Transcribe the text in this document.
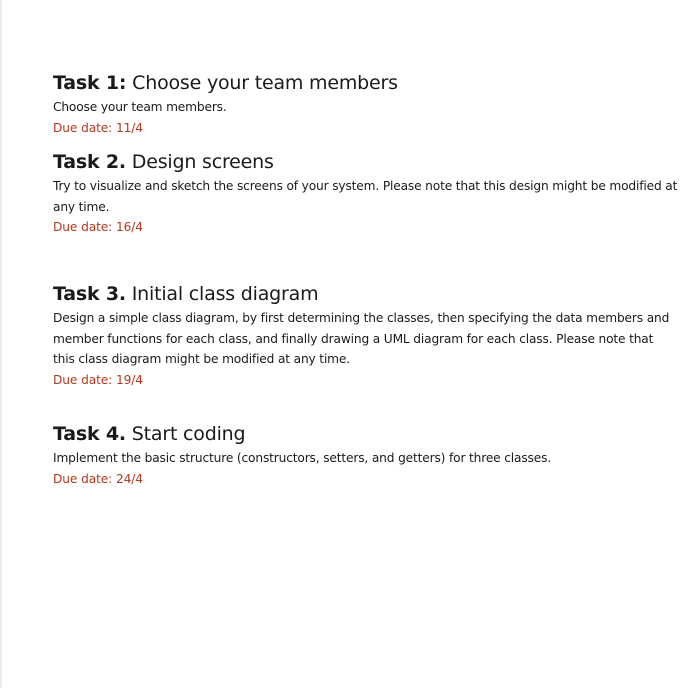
Task 1: Choose your team members

Choose your team members.

Due date: 11/4

Task 2. Design screens

Try to visualize and sketch the screens of your system. Please note that this design might be modified at any time.

Due date: 16/4

Task 3. Initial class diagram

Design a simple class diagram, by first determining the classes, then specifying the data members and member functions for each class, and finally drawing a UML diagram for each class. Please note that this class diagram might be modified at any time.

Due date: 19/4

Task 4. Start coding

Implement the basic structure (constructors, setters, and getters) for three classes.

Due date: 24/4
